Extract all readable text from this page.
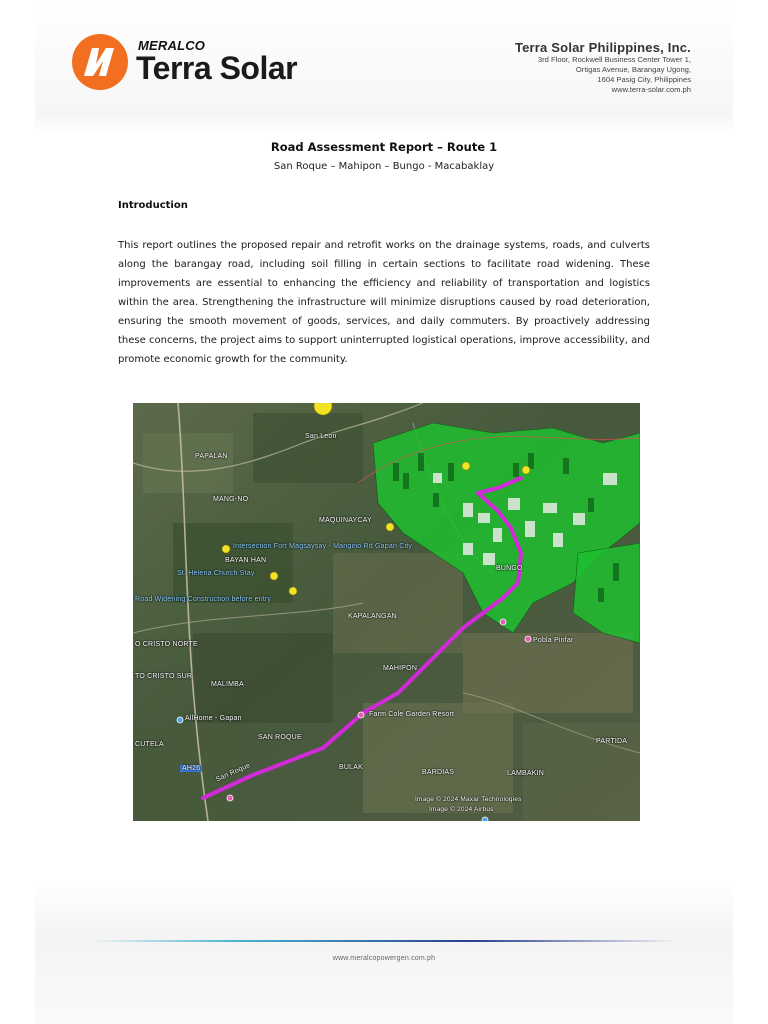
MERALCO
Terra Solar
Terra Solar Philippines, Inc.
3rd Floor, Rockwell Business Center Tower 1,
Ortigas Avenue, Barangay Ugong,
1604 Pasig City, Philippines
www.terra-solar.com.ph
Road Assessment Report – Route 1
San Roque – Mahipon – Bungo - Macabaklay
Introduction
This report outlines the proposed repair and retrofit works on the drainage systems, roads, and culverts along the barangay road, including soil filling in certain sections to facilitate road widening. These improvements are essential to enhancing the efficiency and reliability of transportation and logistics within the area. Strengthening the infrastructure will minimize disruptions caused by road deterioration, ensuring the smooth movement of goods, services, and daily commuters. By proactively addressing these concerns, the project aims to support uninterrupted logistical operations, improve accessibility, and promote economic growth for the community.
San Leon
PAPALAN
MANG-NO
MAQUINAYCAY
BAYAN HAN
KAPALANGAN
O CRISTO NORTE
TO CRISTO SUR
MALIMBA
MAHIPON
SAN ROQUE
BULAK
BARDIAS	LAMBAKIN
PARTIDA
BUNGO
CUTELA
AH26 San Roque
Intersection Fort Magsaysay - Mangino Rd Gapan City
St. Helena Church Stay
Road Widening Construction before entry
AllHome - Gapan
Farm Cole Garden Resort
Pobla Pinfar
Image © 2024 Maxar Technologies
Image © 2024 Airbus
www.meralcopowergen.com.ph
